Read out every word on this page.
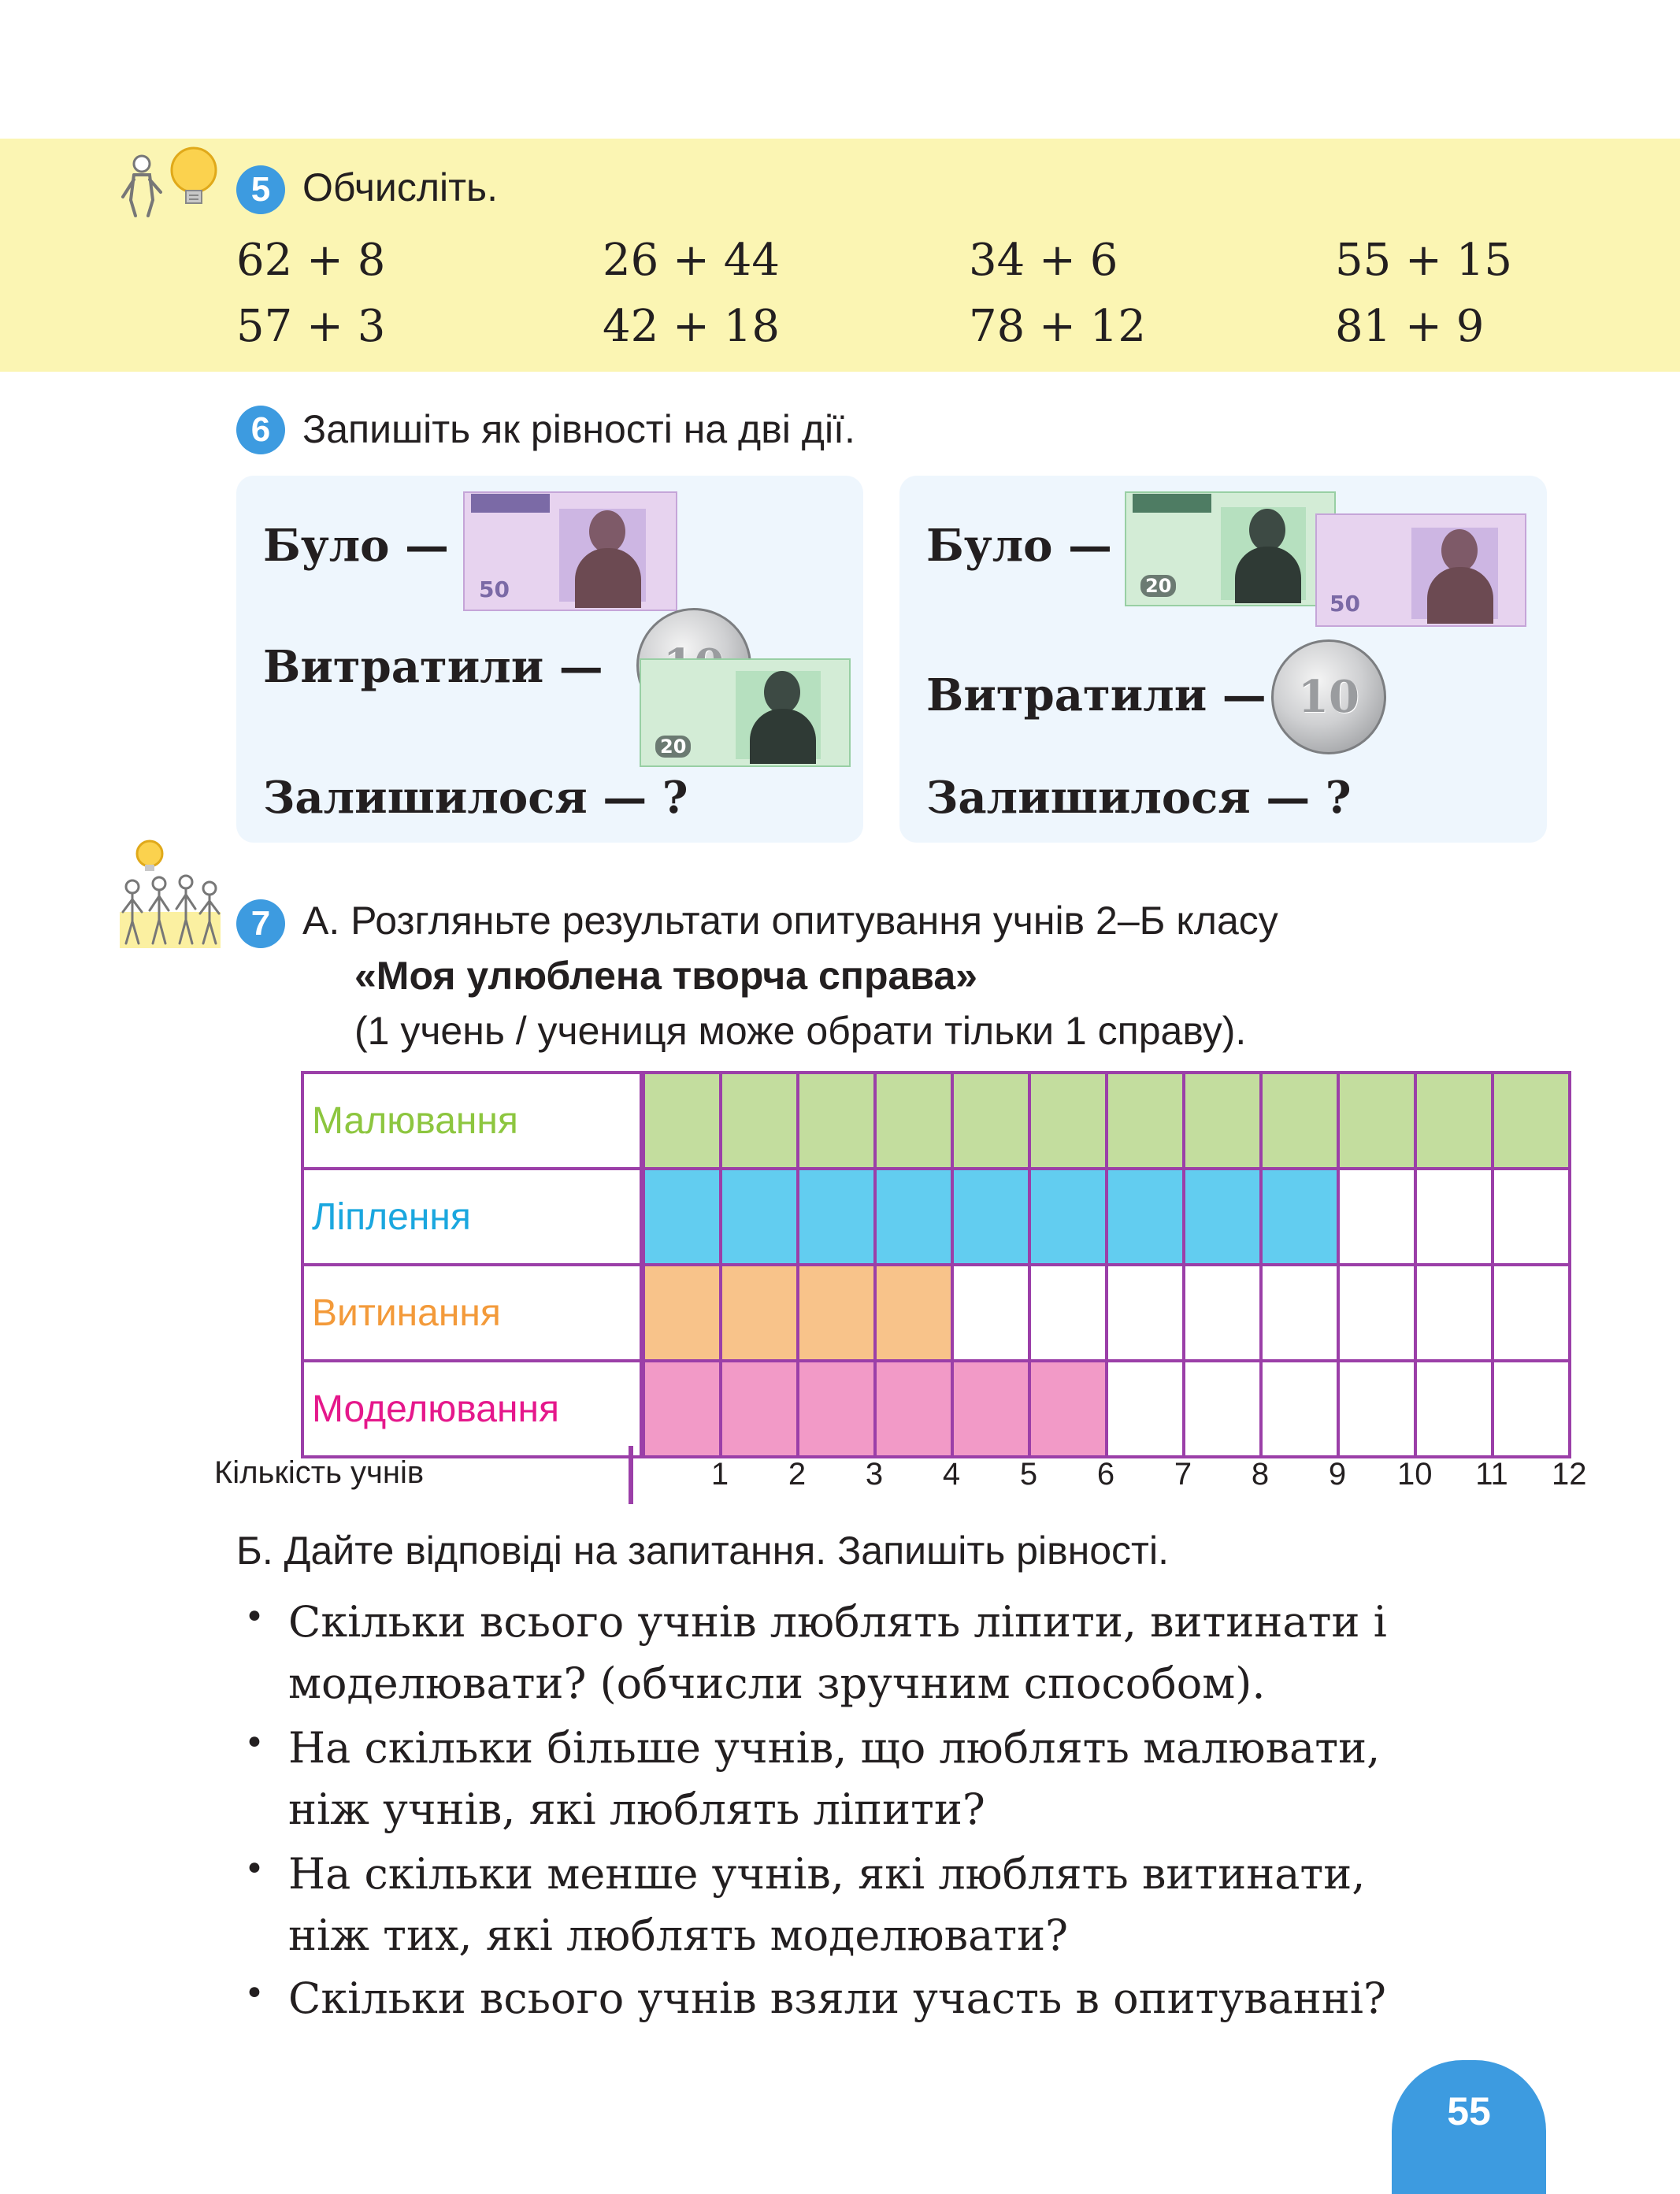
5 Обчисліть.
62 + 8	26 + 44	34 + 6	55 + 15
57 + 3	42 + 18	78 + 12	81 + 9
6 Запишіть як рівності на дві дії.
Було —
Витратили —
Залишилося — ?
50
20
Було —
Витратили —
Залишилося — ?
20
50
10
7 А. Розгляньте результати опитування учнів 2–Б класу
«Моя улюблена творча справа»
(1 учень / учениця може обрати тільки 1 справу).
Малювання												
Ліплення												
Витинання												
Моделювання												
Кількість учнів	1 2 3 4 5 6 7 8 9 10 11 12
Б. Дайте відповіді на запитання. Запишіть рівності.
• Скільки всього учнів люблять ліпити, витинати і
моделювати? (обчисли зручним способом).
• На скільки більше учнів, що люблять малювати,
ніж учнів, які люблять ліпити?
• На скільки менше учнів, які люблять витинати,
ніж тих, які люблять моделювати?
• Скільки всього учнів взяли участь в опитуванні?
55
